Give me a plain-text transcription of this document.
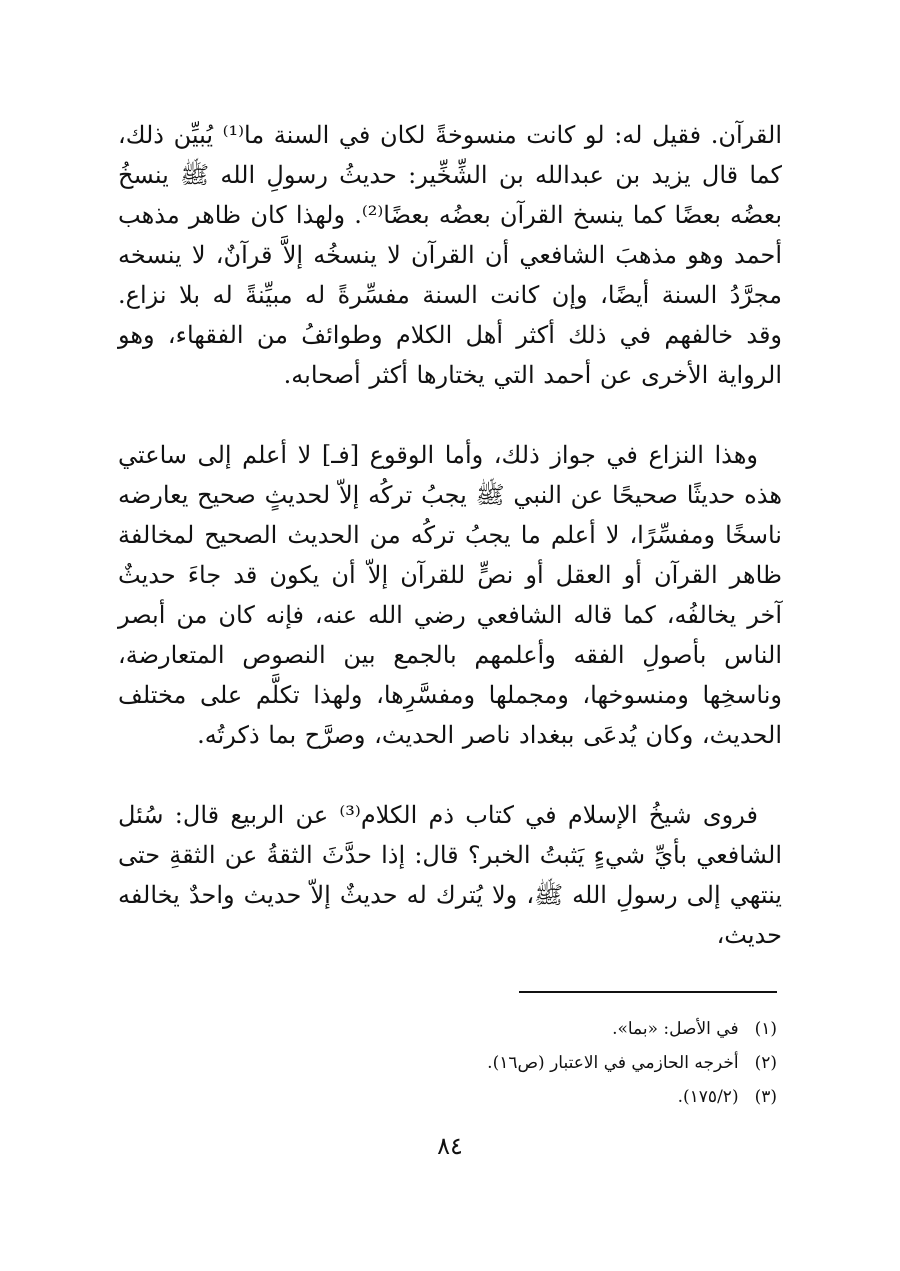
القرآن. فقيل له: لو كانت منسوخةً لكان في السنة ما⁽¹⁾ يُبيِّن ذلك، كما قال يزيد بن عبدالله بن الشِّخِّير: حديثُ رسولِ الله ﷺ ينسخُ بعضُه بعضًا كما ينسخ القرآن بعضُه بعضًا⁽²⁾. ولهذا كان ظاهر مذهب أحمد وهو مذهبَ الشافعي أن القرآن لا ينسخُه إلاَّ قرآنٌ، لا ينسخه مجرَّدُ السنة أيضًا، وإن كانت السنة مفسِّرةً له مبيِّنةً له بلا نزاع. وقد خالفهم في ذلك أكثر أهل الكلام وطوائفُ من الفقهاء، وهو الرواية الأخرى عن أحمد التي يختارها أكثر أصحابه.

وهذا النزاع في جواز ذلك، وأما الوقوع [فـ] لا أعلم إلى ساعتي هذه حديثًا صحيحًا عن النبي ﷺ يجبُ تركُه إلاّ لحديثٍ صحيح يعارضه ناسخًا ومفسِّرًا، لا أعلم ما يجبُ تركُه من الحديث الصحيح لمخالفة ظاهر القرآن أو العقل أو نصٍّ للقرآن إلاّ أن يكون قد جاءَ حديثٌ آخر يخالفُه، كما قاله الشافعي رضي الله عنه، فإنه كان من أبصر الناس بأصولِ الفقه وأعلمهم بالجمع بين النصوص المتعارضة، وناسخِها ومنسوخها، ومجملها ومفسَّرِها، ولهذا تكلَّم على مختلف الحديث، وكان يُدعَى ببغداد ناصر الحديث، وصرَّح بما ذكرتُه.

فروى شيخُ الإسلام في كتاب ذم الكلام⁽³⁾ عن الربيع قال: سُئل الشافعي بأيِّ شيءٍ يَثبتُ الخبر؟ قال: إذا حدَّثَ الثقةُ عن الثقةِ حتى ينتهي إلى رسولِ الله ﷺ، ولا يُترك له حديثٌ إلاّ حديث واحدٌ يخالفه حديث،

(١)
في الأصل: «بما».
(٢)
أخرجه الحازمي في الاعتبار (ص١٦).
(٣)
(١٧٥/٢).
٨٤
